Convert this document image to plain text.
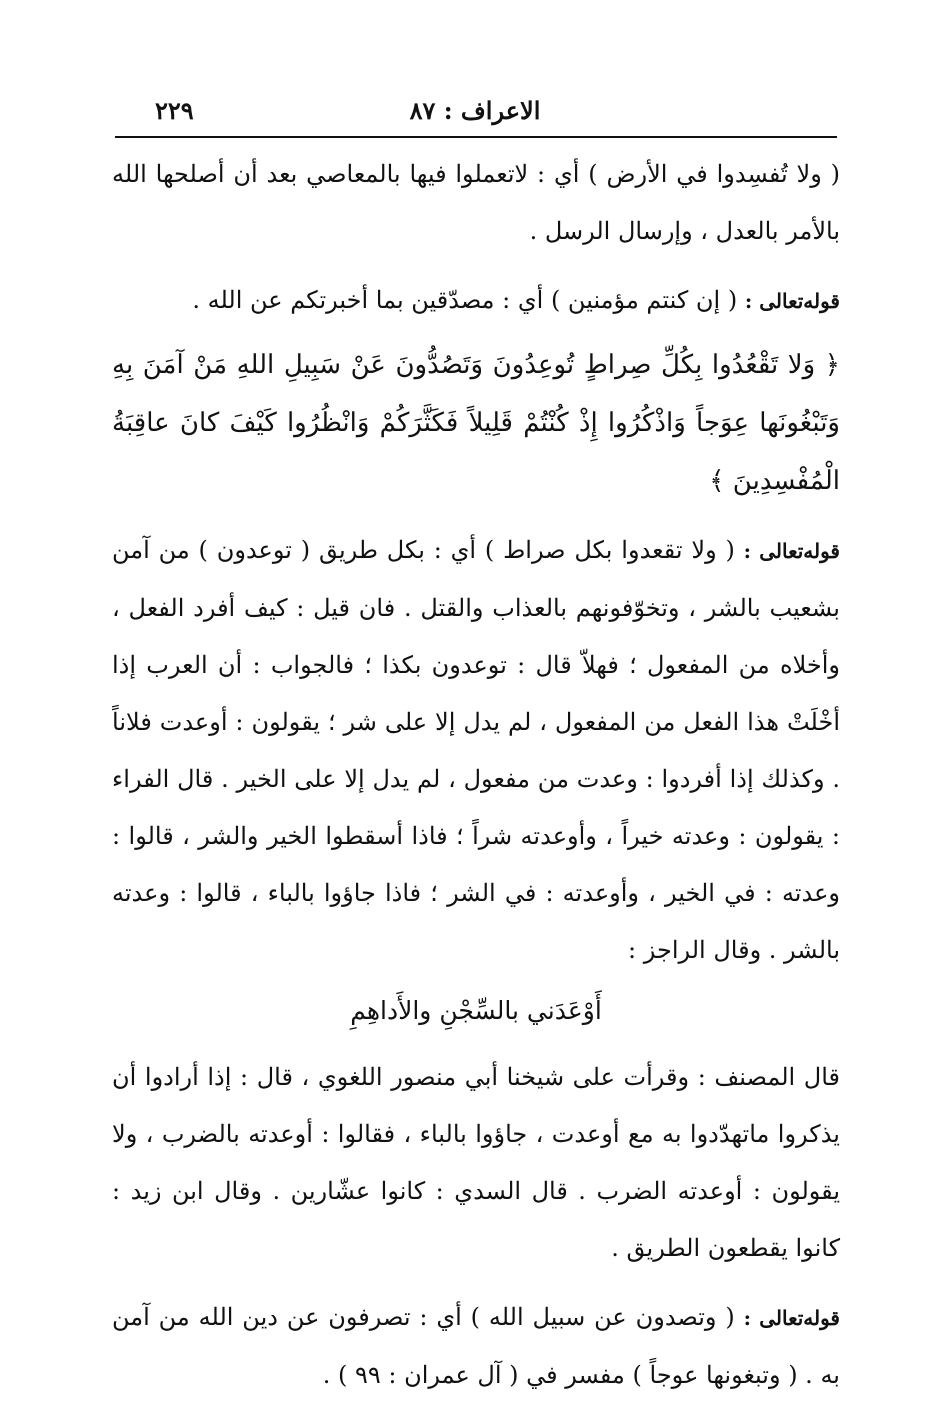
الاعراف : ٨٧
٢٢٩

( ولا تُفسِدوا في الأرض ) أي : لاتعملوا فيها بالمعاصي بعد أن أصلحها الله بالأمر بالعدل ، وإرسال الرسل .

قوله‌تعالى : ( إن كنتم مؤمنين ) أي : مصدّقين بما أخبرتكم عن الله .

﴿ وَلا تَقْعُدُوا بِكُلِّ صِراطٍ تُوعِدُونَ وَتَصُدُّونَ عَنْ سَبِيلِ اللهِ مَنْ آمَنَ بِهِ وَتَبْغُونَها عِوَجاً وَاذْكُرُوا إِذْ كُنْتُمْ قَلِيلاً فَكَثَّرَكُمْ وَانْظُرُوا كَيْفَ كانَ عاقِبَةُ الْمُفْسِدِينَ ﴾

قوله‌تعالى : ( ولا تقعدوا بكل صراط ) أي : بكل طريق ( توعدون ) من آمن بشعيب بالشر ، وتخوّفونهم بالعذاب والقتل . فان قيل : كيف أفرد الفعل ، وأخلاه من المفعول ؛ فهلاّ قال : توعدون بكذا ؛ فالجواب : أن العرب إذا أخْلَتْ هذا الفعل من المفعول ، لم يدل إلا على شر ؛ يقولون : أوعدت فلاناً . وكذلك إذا أفردوا : وعدت من مفعول ، لم يدل إلا على الخير . قال الفراء : يقولون : وعدته خيراً ، وأوعدته شراً ؛ فاذا أسقطوا الخير والشر ، قالوا : وعدته : في الخير ، وأوعدته : في الشر ؛ فاذا جاؤوا بالباء ، قالوا : وعدته بالشر . وقال الراجز :

أَوْعَدَني بالسِّجْنِ والأَداهِمِ

قال المصنف : وقرأت على شيخنا أبي منصور اللغوي ، قال : إذا أرادوا أن يذكروا ماتهدّدوا به مع أوعدت ، جاؤوا بالباء ، فقالوا : أوعدته بالضرب ، ولا يقولون : أوعدته الضرب . قال السدي : كانوا عشّارين . وقال ابن زيد : كانوا يقطعون الطريق .

قوله‌تعالى : ( وتصدون عن سبيل الله ) أي : تصرفون عن دين الله من آمن به . ( وتبغونها عوجاً ) مفسر في ( آل عمران : ٩٩ ) .
